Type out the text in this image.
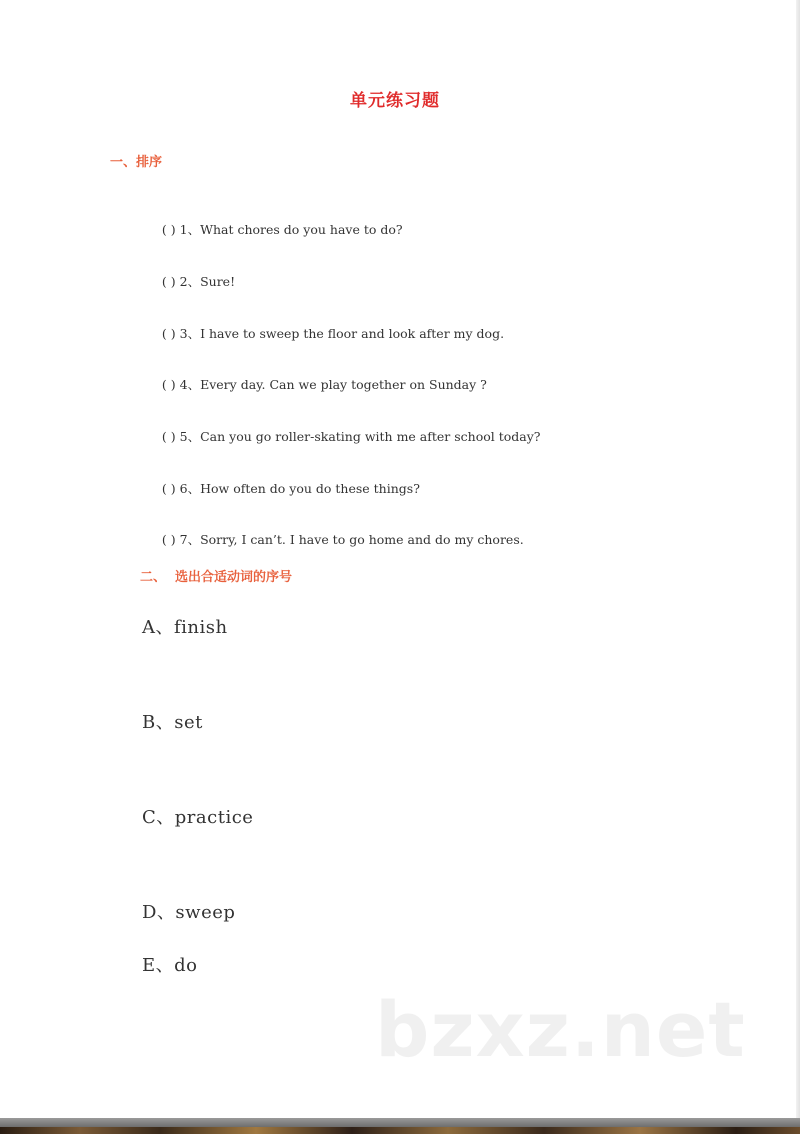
单元练习题
一、排序

( ) 1、What chores do you have to do?

( ) 2、Sure!

( ) 3、I have to sweep the floor and look after my dog.

( ) 4、Every day. Can we play together on Sunday ?

( ) 5、Can you go roller-skating with me after school today?

( ) 6、How often do you do these things?

( ) 7、Sorry, I can’t. I have to go home and do my chores.

二、  选出合适动词的序号
A、finish
B、set
C、practice
D、sweep
E、do
bzxz.net
